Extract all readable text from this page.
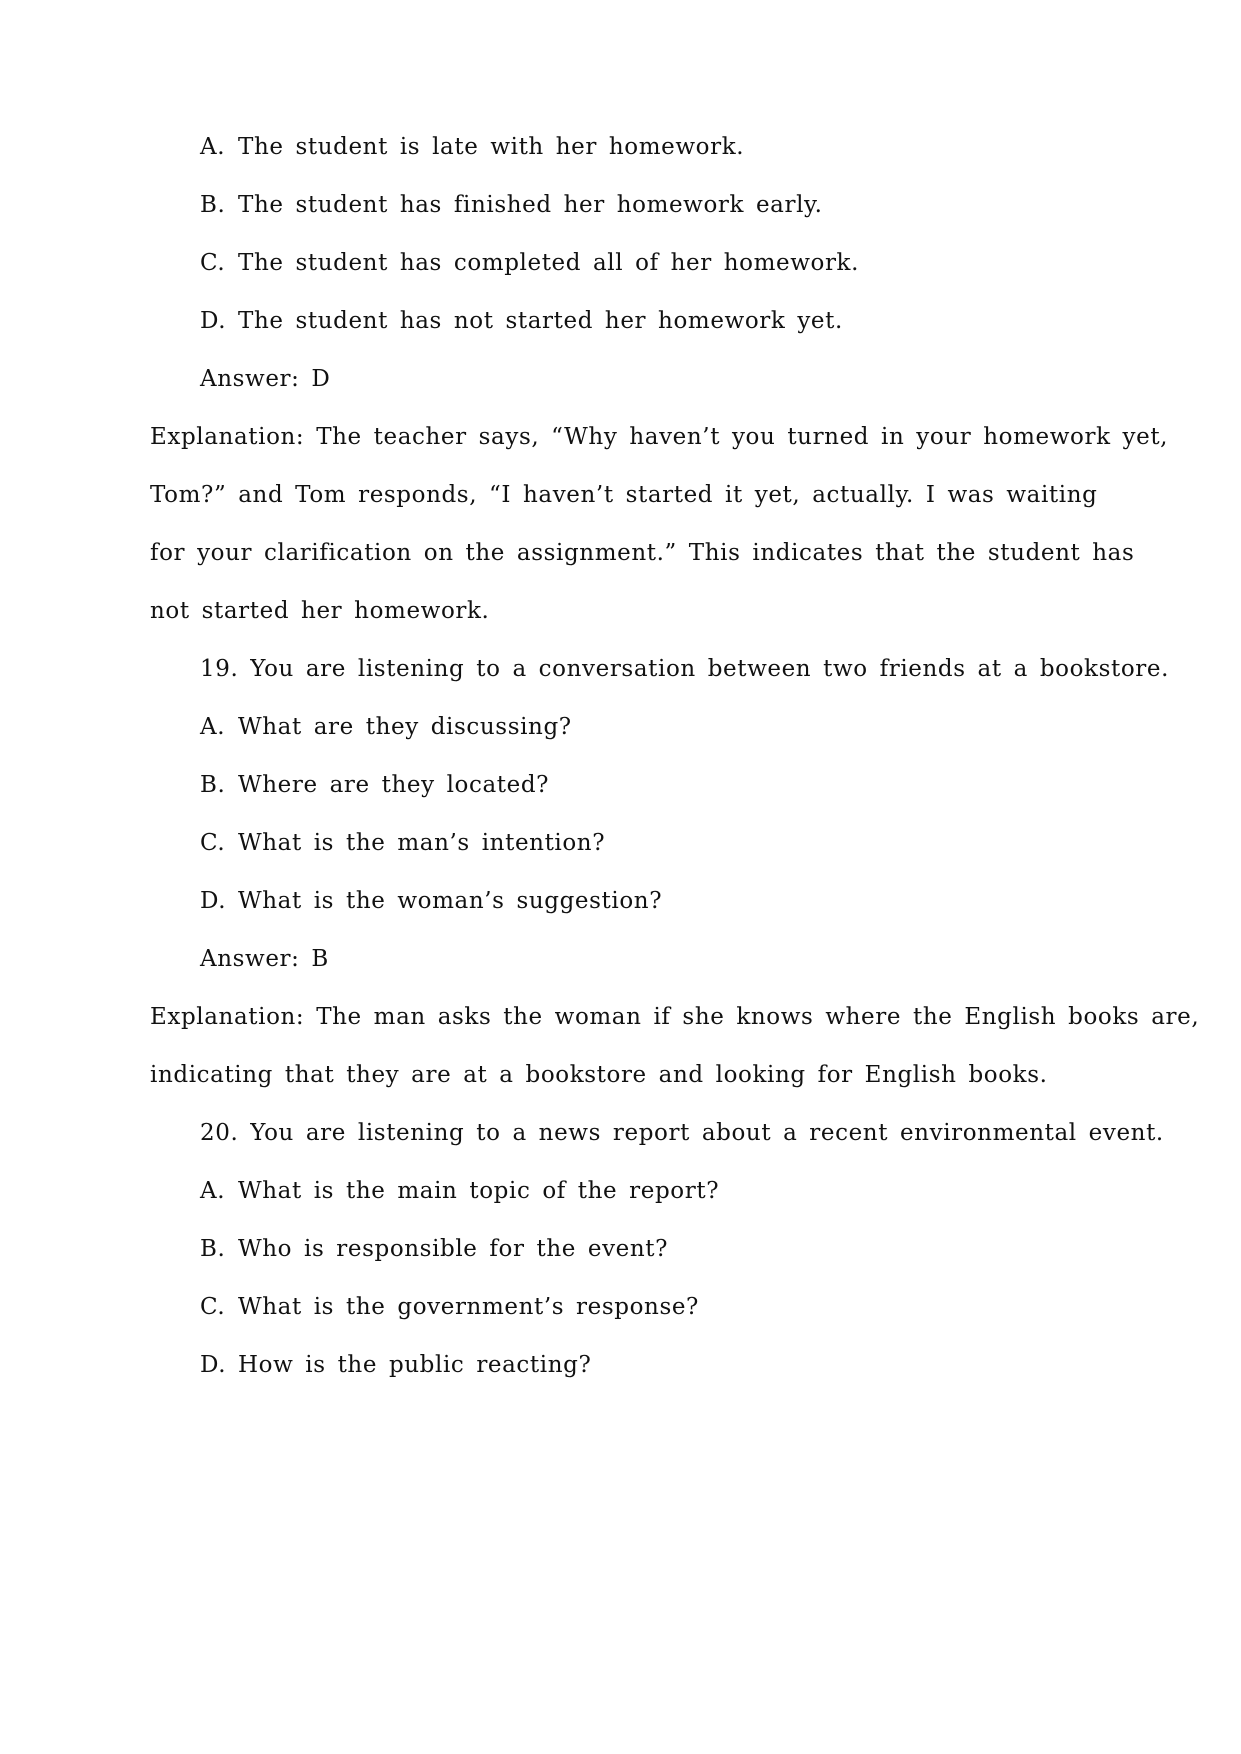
A. The student is late with her homework.
B. The student has finished her homework early.
C. The student has completed all of her homework.
D. The student has not started her homework yet.
Answer: D
Explanation: The teacher says, “Why haven’t you turned in your homework yet,
Tom?” and Tom responds, “I haven’t started it yet, actually. I was waiting
for your clarification on the assignment.” This indicates that the student has
not started her homework.
19. You are listening to a conversation between two friends at a bookstore.
A. What are they discussing?
B. Where are they located?
C. What is the man’s intention?
D. What is the woman’s suggestion?
Answer: B
Explanation: The man asks the woman if she knows where the English books are,
indicating that they are at a bookstore and looking for English books.
20. You are listening to a news report about a recent environmental event.
A. What is the main topic of the report?
B. Who is responsible for the event?
C. What is the government’s response?
D. How is the public reacting?
